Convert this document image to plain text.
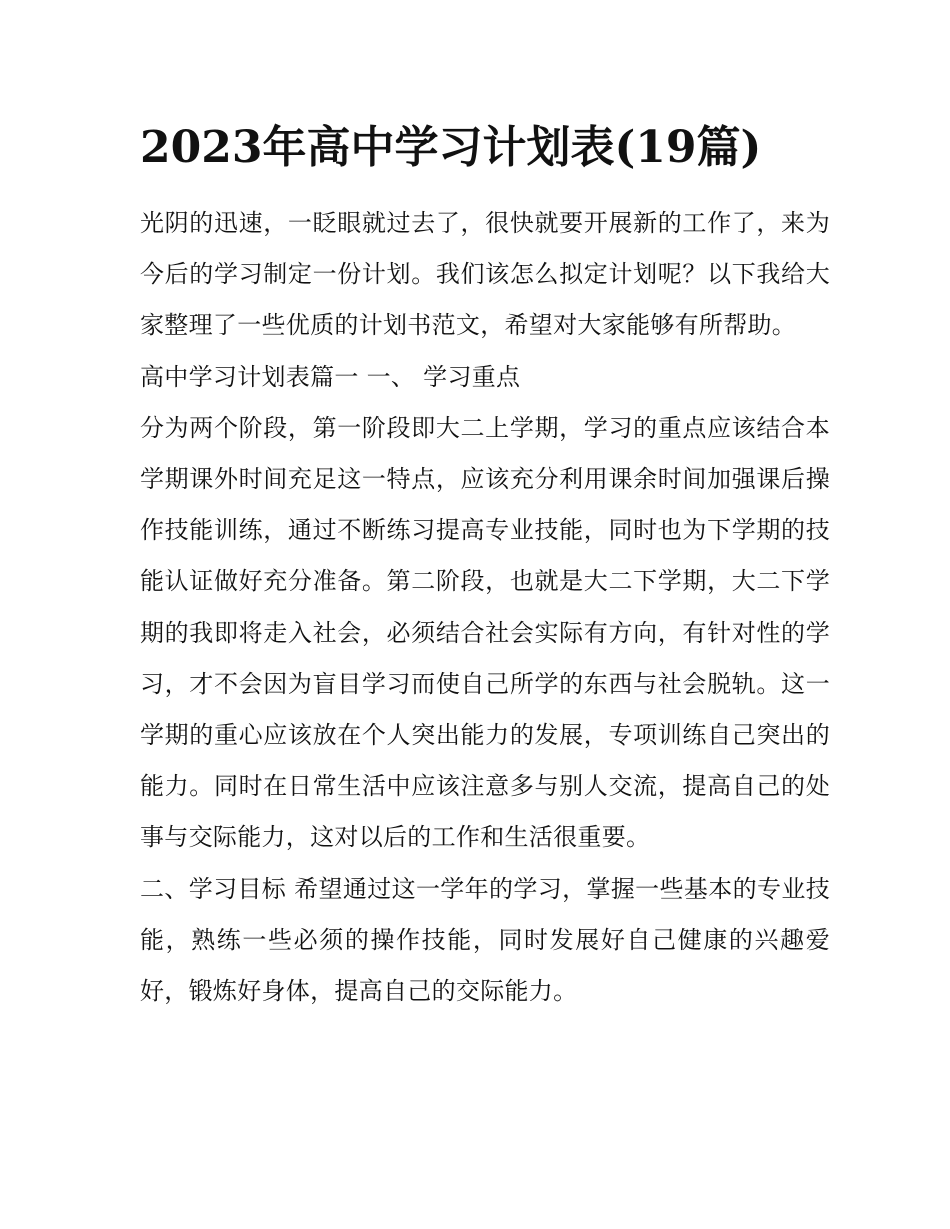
2023年高中学习计划表(19篇)

光阴的迅速，一眨眼就过去了，很快就要开展新的工作了，来为今后的学习制定一份计划。我们该怎么拟定计划呢？以下我给大家整理了一些优质的计划书范文，希望对大家能够有所帮助。

高中学习计划表篇一 一、 学习重点

分为两个阶段，第一阶段即大二上学期，学习的重点应该结合本学期课外时间充足这一特点，应该充分利用课余时间加强课后操作技能训练，通过不断练习提高专业技能，同时也为下学期的技能认证做好充分准备。第二阶段，也就是大二下学期，大二下学期的我即将走入社会，必须结合社会实际有方向，有针对性的学习，才不会因为盲目学习而使自己所学的东西与社会脱轨。这一学期的重心应该放在个人突出能力的发展，专项训练自己突出的能力。同时在日常生活中应该注意多与别人交流，提高自己的处事与交际能力，这对以后的工作和生活很重要。

二、学习目标 希望通过这一学年的学习，掌握一些基本的专业技能，熟练一些必须的操作技能，同时发展好自己健康的兴趣爱好，锻炼好身体，提高自己的交际能力。
